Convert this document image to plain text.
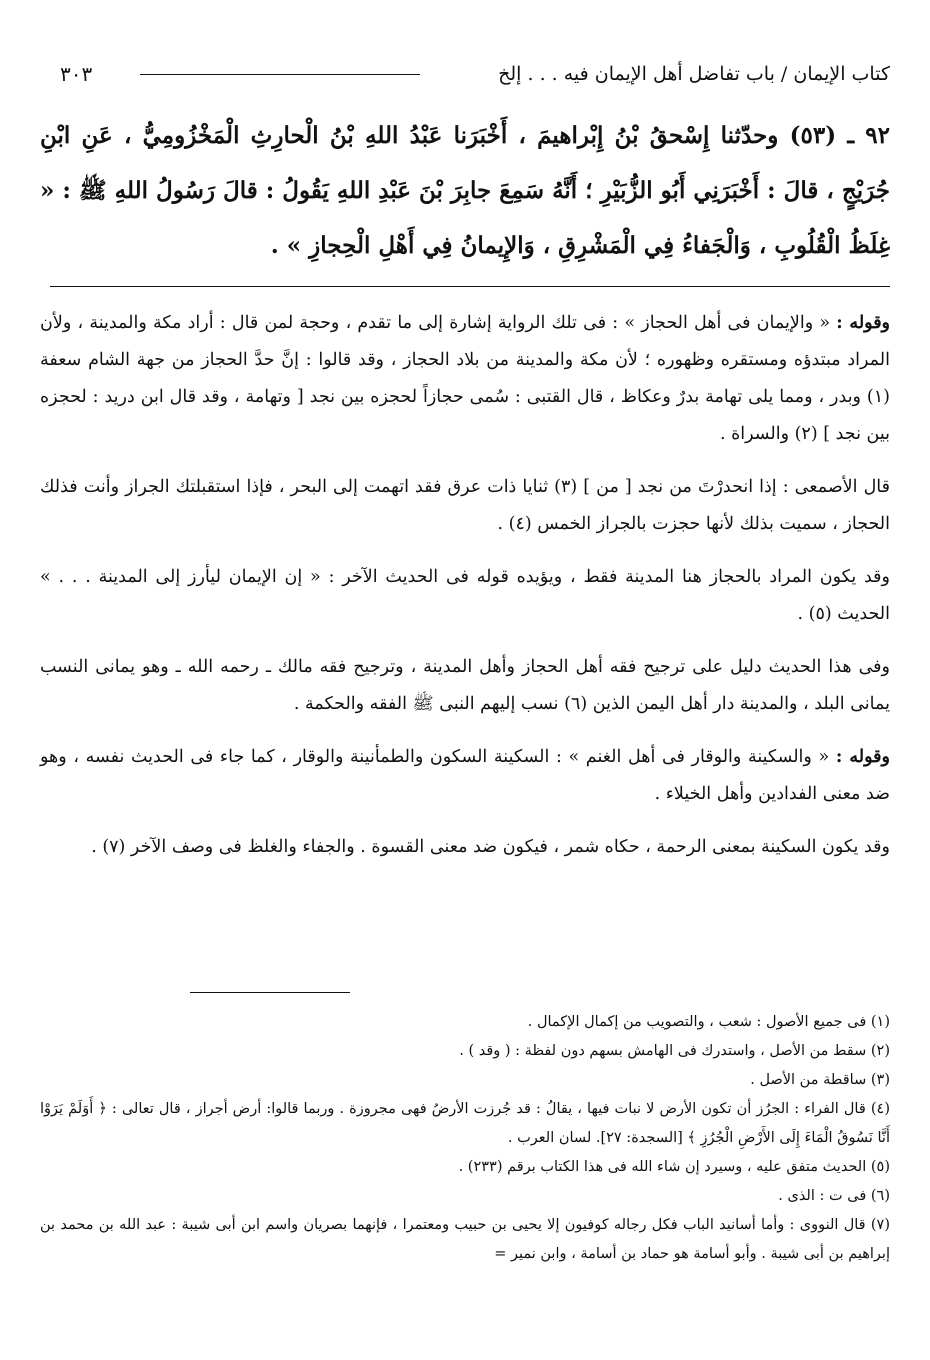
كتاب الإيمان / باب تفاضل أهل الإيمان فيه . . . إلخ
٣٠٣
٩٢ ـ (٥٣) وحدّثنا إِسْحقُ بْنُ إِبْراهيمَ ، أَخْبَرَنا عَبْدُ اللهِ بْنُ الْحارِثِ الْمَخْزُومِيُّ ، عَنِ ابْنِ جُرَيْجٍ ، قالَ : أَخْبَرَنِي أَبُو الزُّبَيْرِ ؛ أَنَّهُ سَمِعَ جابِرَ بْنَ عَبْدِ اللهِ يَقُولُ : قالَ رَسُولُ اللهِ ﷺ : « غِلَظُ الْقُلُوبِ ، وَالْجَفاءُ فِي الْمَشْرِقِ ، وَالإِيمانُ فِي أَهْلِ الْحِجازِ » .

وقوله : « والإيمان فى أهل الحجاز » : فى تلك الرواية إشارة إلى ما تقدم ، وحجة لمن قال : أراد مكة والمدينة ، ولأن المراد مبتدؤه ومستقره وظهوره ؛ لأن مكة والمدينة من بلاد الحجاز ، وقد قالوا : إنَّ حدَّ الحجاز من جهة الشام سعفة (١) وبدر ، ومما يلى تهامة بدرٌ وعكاظ ، قال القتبى : سُمى حجازاً لحجزه بين نجد [ وتهامة ، وقد قال ابن دريد : لحجزه بين نجد ] (٢) والسراة .

قال الأصمعى : إذا انحدرْتَ من نجد [ من ] (٣) ثنايا ذات عرق فقد اتهمت إلى البحر ، فإذا استقبلتك الجراز وأنت فذلك الحجاز ، سميت بذلك لأنها حجزت بالجراز الخمس (٤) .

وقد يكون المراد بالحجاز هنا المدينة فقط ، ويؤيده قوله فى الحديث الآخر : « إن الإيمان ليأرز إلى المدينة . . . » الحديث (٥) .

وفى هذا الحديث دليل على ترجيح فقه أهل الحجاز وأهل المدينة ، وترجيح فقه مالك ـ رحمه الله ـ وهو يمانى النسب يمانى البلد ، والمدينة دار أهل اليمن الذين (٦) نسب إليهم النبى ﷺ الفقه والحكمة .

وقوله : « والسكينة والوقار فى أهل الغنم » : السكينة السكون والطمأنينة والوقار ، كما جاء فى الحديث نفسه ، وهو ضد معنى الفدادين وأهل الخيلاء .

وقد يكون السكينة بمعنى الرحمة ، حكاه شمر ، فيكون ضد معنى القسوة . والجفاء والغلظ فى وصف الآخر (٧) .

(١) فى جميع الأصول : شعب ، والتصويب من إكمال الإكمال .

(٢) سقط من الأصل ، واستدرك فى الهامش بسهم دون لفظة : ( وقد ) .

(٣) ساقطة من الأصل .

(٤) قال الفراء : الجرُز أن تكون الأرض لا نبات فيها ، يقالُ : قد جُرزت الأرضُ فهى مجروزة . وربما قالوا: أرض أجراز ، قال تعالى : ﴿ أَوَلَمْ يَرَوْا أَنَّا نَسُوقُ الْمَاءَ إِلَى الأَرْضِ الْجُرُزِ ﴾ [السجدة: ٢٧]. لسان العرب .

(٥) الحديث متفق عليه ، وسيرد إن شاء الله فى هذا الكتاب برقم (٢٣٣) .

(٦) فى ت : الذى .

(٧) قال النووى : وأما أسانيد الباب فكل رجاله كوفيون إلا يحيى بن حبيب ومعتمرا ، فإنهما بصريان واسم ابن أبى شيبة : عبد الله بن محمد بن إبراهيم بن أبى شيبة . وأبو أسامة هو حماد بن أسامة ، وابن نمير =
